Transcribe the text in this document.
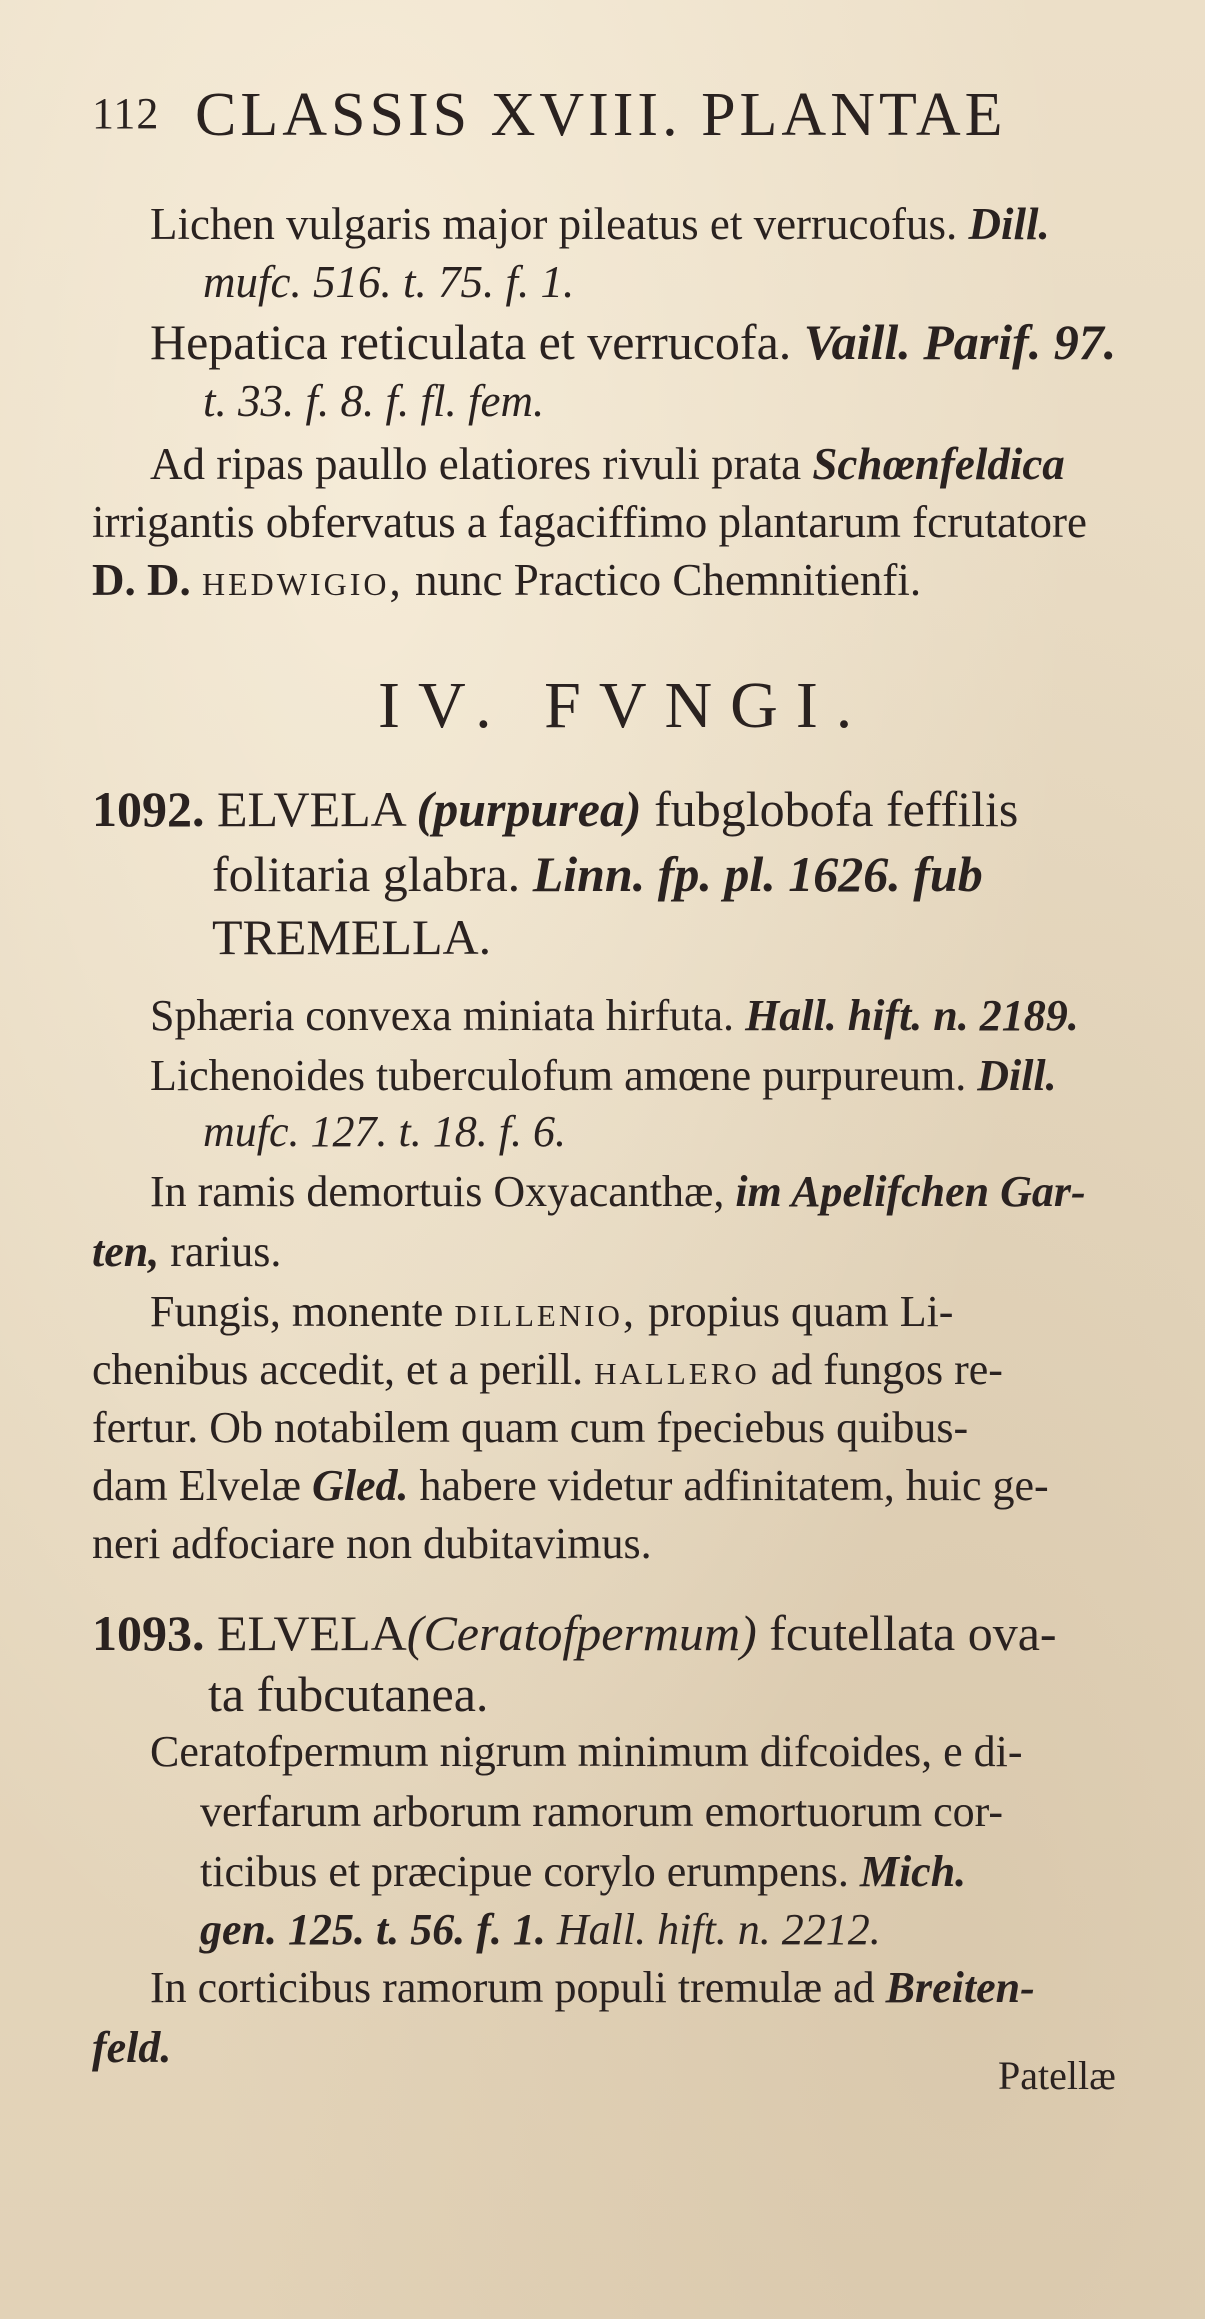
112 CLASSIS XVIII. PLANTAE
Lichen vulgaris major pileatus et verrucofus. Dill.
mufc. 516. t. 75. f. 1.
Hepatica reticulata et verrucofa. Vaill. Parif. 97.
t. 33. f. 8. f. fl. fem.
Ad ripas paullo elatiores rivuli prata Schœnfeldica
irrigantis obfervatus a fagaciffimo plantarum fcrutatore
D. D. hedwigio, nunc Practico Chemnitienfi.
IV. FVNGI.
1092. ELVELA (purpurea) fubglobofa feffilis
folitaria glabra. Linn. fp. pl. 1626. fub
TREMELLA.
Sphæria convexa miniata hirfuta. Hall. hift. n. 2189.
Lichenoides tuberculofum amœne purpureum. Dill.
mufc. 127. t. 18. f. 6.
In ramis demortuis Oxyacanthæ, im Apelifchen Gar-
ten, rarius.
Fungis, monente dillenio, propius quam Li-
chenibus accedit, et a perill. hallero ad fungos re-
fertur. Ob notabilem quam cum fpeciebus quibus-
dam Elvelæ Gled. habere videtur adfinitatem, huic ge-
neri adfociare non dubitavimus.
1093. ELVELA(Ceratofpermum) fcutellata ova-
ta fubcutanea.
Ceratofpermum nigrum minimum difcoides, e di-
verfarum arborum ramorum emortuorum cor-
ticibus et præcipue corylo erumpens. Mich.
gen. 125. t. 56. f. 1. Hall. hift. n. 2212.
In corticibus ramorum populi tremulæ ad Breiten-
feld.
Patellæ
